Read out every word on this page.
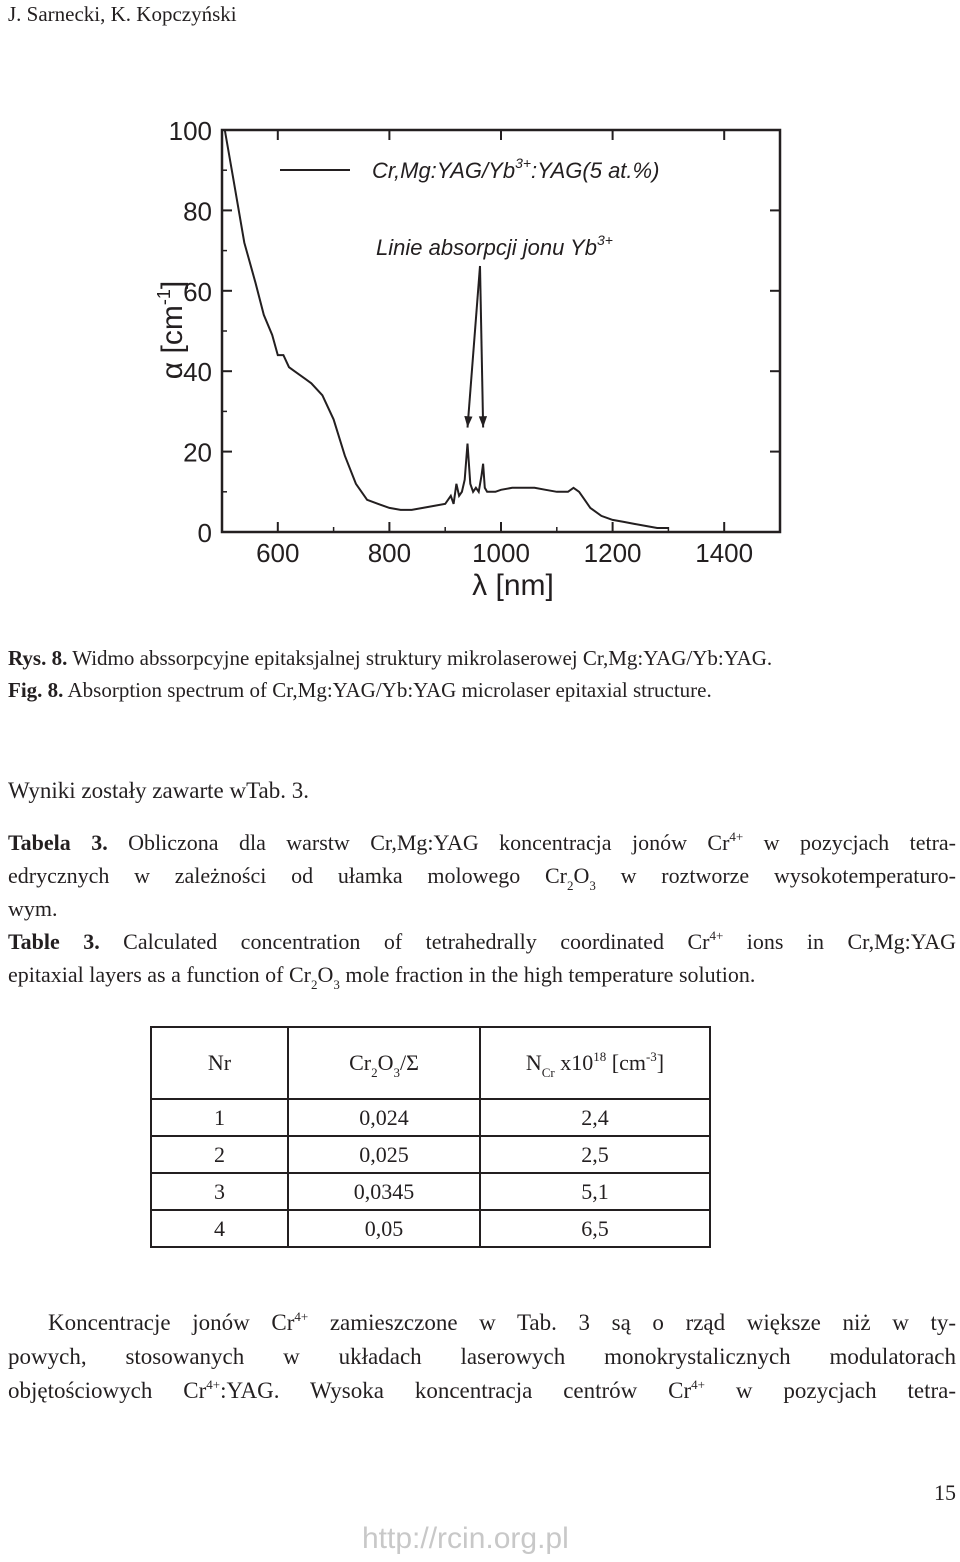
J. Sarnecki, K. Kopczyński
0
20
40
60
80
100
600	800 1000 1200 1400
λ [nm]
α $[cm^{-1}]$
$Cr,Mg:YAG/Yb^{3+}:YAG(5$ at.%)
Linie absorpcji jonu $Yb^{3+}$
Rys. 8. Widmo abssorpcyjne epitaksjalnej struktury mikrolaserowej Cr,Mg:YAG/Yb:YAG.
Fig. 8. Absorption spectrum of Cr,Mg:YAG/Yb:YAG microlaser epitaxial structure.
Wyniki zostały zawarte wTab. 3.
Tabela 3. Obliczona dla warstw Cr,Mg:YAG koncentracja jonów $Cr^{4+}$ w pozycjach tetra-
edrycznych w zależności od ułamka molowego $Cr_2O_3$ w roztworze wysokotemperaturo-
wym.
Table 3. Calculated concentration of tetrahedrally coordinated $Cr^{4+}$ ions in Cr,Mg:YAG
epitaxial layers as a function of $Cr_2O_3$ mole fraction in the high temperature solution.
Nr	$Cr_2O_3/\Sigma$	$N_{Cr}$ $x10^{18}$ $[cm^{-3}]$
1	0,024	2,4
2	0,025	2,5
3	0,0345	5,1
4	0,05	6,5
Koncentracje jonów $Cr^{4+}$ zamieszczone w Tab. 3 są o rząd większe niż w ty-
powych, stosowanych w układach laserowych monokrystalicznych modulatorach
objętościowych $Cr^{4+}:YAG$. Wysoka koncentracja centrów $Cr^{4+}$ w pozycjach tetra-
15
http://rcin.org.pl
